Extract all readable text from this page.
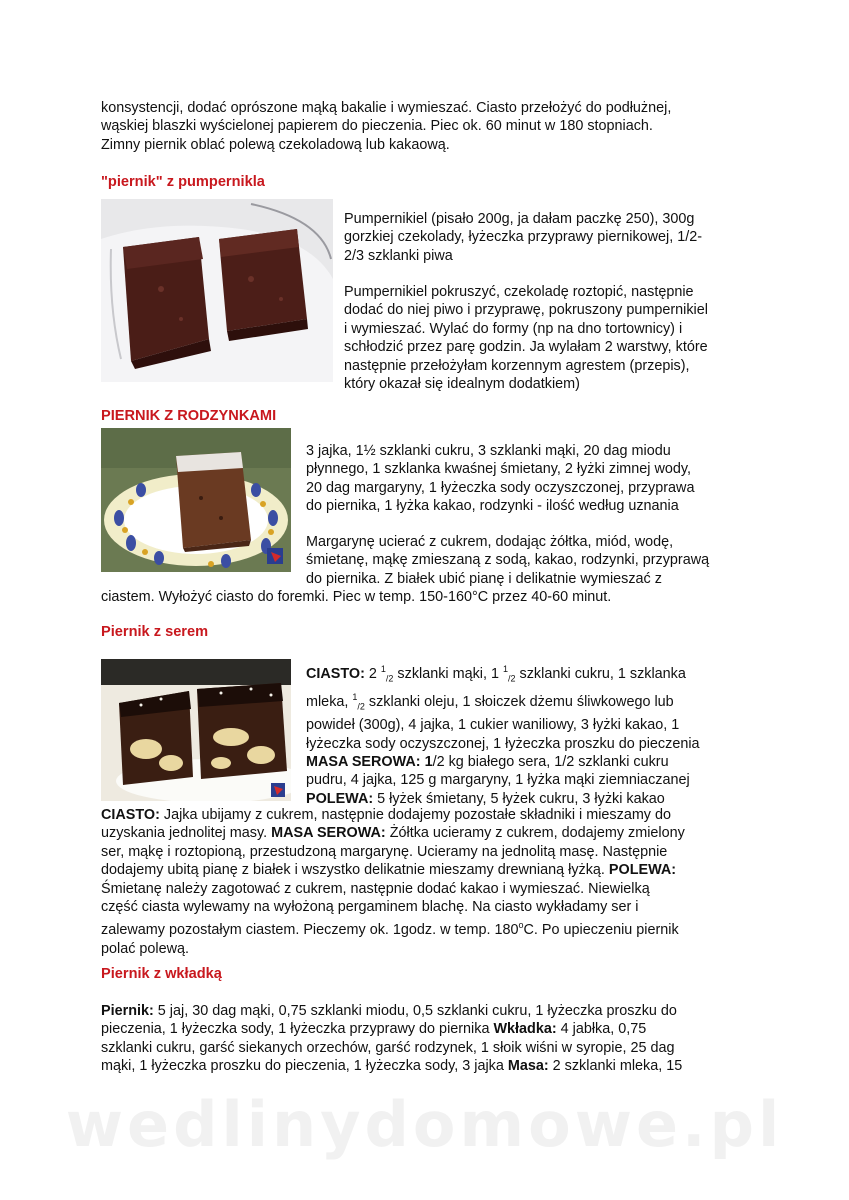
konsystencji, dodać oprószone mąką bakalie i wymieszać. Ciasto przełożyć do podłużnej,
wąskiej blaszki wyścielonej papierem do pieczenia. Piec ok. 60 minut w 180 stopniach.
Zimny piernik oblać polewą czekoladową lub kakaową.

"piernik" z pumpernikla

Pumpernikiel (pisało 200g, ja dałam paczkę 250), 300g
gorzkiej czekolady, łyżeczka przyprawy piernikowej, 1/2-
2/3 szklanki piwa

Pumpernikiel pokruszyć, czekoladę roztopić, następnie
dodać do niej piwo i przyprawę, pokruszony pumpernikiel
i wymieszać. Wylać do formy (np na dno tortownicy) i
schłodzić przez parę godzin. Ja wylałam 2 warstwy, które
następnie przełożyłam korzennym agrestem (przepis),
który okazał się idealnym dodatkiem)

PIERNIK Z RODZYNKAMI

3 jajka, 1½ szklanki cukru, 3 szklanki mąki, 20 dag miodu
płynnego, 1 szklanka kwaśnej śmietany, 2 łyżki zimnej wody,
20 dag margaryny, 1 łyżeczka sody oczyszczonej, przyprawa
do piernika, 1 łyżka kakao, rodzynki - ilość według uznania

Margarynę ucierać z cukrem, dodając żółtka, miód, wodę,
śmietanę, mąkę zmieszaną z sodą, kakao, rodzynki, przyprawą
do piernika. Z białek ubić pianę i delikatnie wymieszać z

ciastem. Wyłożyć ciasto do foremki. Piec w temp. 150-160°C przez 40-60 minut.

Piernik z serem

CIASTO: 2 $^1_{/2}$ szklanki mąki, 1 $^1_{/2}$ szklanki cukru, 1 szklanka
mleka, $^1_{/2}$ szklanki oleju, 1 słoiczek dżemu śliwkowego lub
powideł (300g), 4 jajka, 1 cukier waniliowy, 3 łyżki kakao, 1
łyżeczka sody oczyszczonej, 1 łyżeczka proszku do pieczenia
MASA SEROWA: 1/2 kg białego sera, 1/2 szklanki cukru
pudru, 4 jajka, 125 g margaryny, 1 łyżka mąki ziemniaczanej
POLEWA: 5 łyżek śmietany, 5 łyżek cukru, 3 łyżki kakao

CIASTO: Jajka ubijamy z cukrem, następnie dodajemy pozostałe składniki i mieszamy do
uzyskania jednolitej masy. MASA SEROWA: Żółtka ucieramy z cukrem, dodajemy zmielony
ser, mąkę i roztopioną, przestudzoną margarynę. Ucieramy na jednolitą masę. Następnie
dodajemy ubitą pianę z białek i wszystko delikatnie mieszamy drewnianą łyżką. POLEWA:
Śmietanę należy zagotować z cukrem, następnie dodać kakao i wymieszać. Niewielką
część ciasta wylewamy na wyłożoną pergaminem blachę. Na ciasto wykładamy ser i
zalewamy pozostałym ciastem. Pieczemy ok. 1godz. w temp. 180$^o$C. Po upieczeniu piernik
polać polewą.

Piernik z wkładką

Piernik: 5 jaj, 30 dag mąki, 0,75 szklanki miodu, 0,5 szklanki cukru, 1 łyżeczka proszku do
pieczenia, 1 łyżeczka sody, 1 łyżeczka przyprawy do piernika Wkładka: 4 jabłka, 0,75
szklanki cukru, garść siekanych orzechów, garść rodzynek, 1 słoik wiśni w syropie, 25 dag
mąki, 1 łyżeczka proszku do pieczenia, 1 łyżeczka sody, 3 jajka Masa: 2 szklanki mleka, 15

wedlinydomowe.pl
